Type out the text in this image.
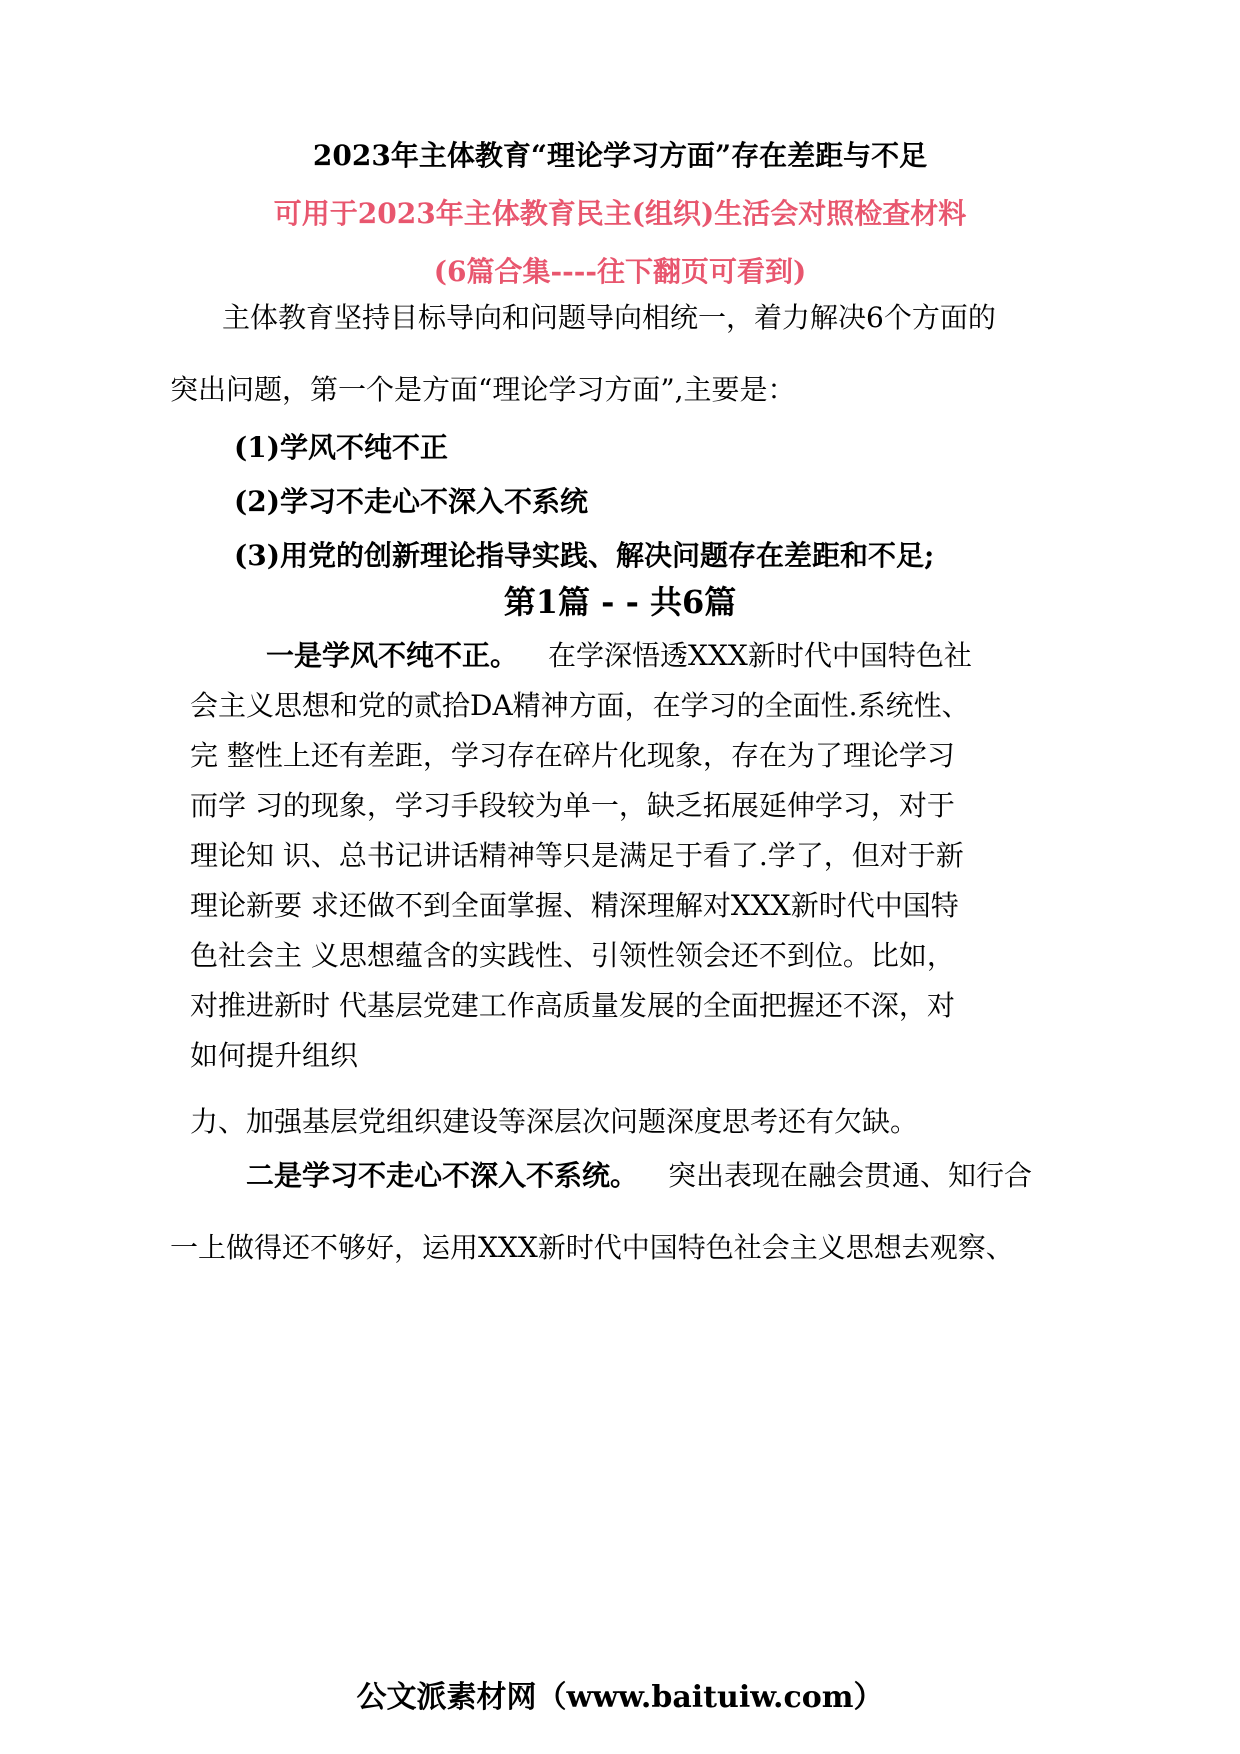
2023年主体教育“理论学习方面”存在差距与不足
可用于2023年主体教育民主(组织)生活会对照检查材料
(6篇合集----往下翻页可看到)
主体教育坚持目标导向和问题导向相统一，着力解决6个方面的
突出问题，第一个是方面“理论学习方面”,主要是：
(1)学风不纯不正
(2)学习不走心不深入不系统
(3)用党的创新理论指导实践、解决问题存在差距和不足;
第1篇 - - 共6篇
一是学风不纯不正。 在学深悟透XXX新时代中国特色社
会主义思想和党的贰拾DA精神方面，在学习的全面性.系统性、
完 整性上还有差距，学习存在碎片化现象，存在为了理论学习
而学 习的现象，学习手段较为单一，缺乏拓展延伸学习，对于
理论知 识、总书记讲话精神等只是满足于看了.学了，但对于新
理论新要 求还做不到全面掌握、精深理解对XXX新时代中国特
色社会主 义思想蕴含的实践性、引领性领会还不到位。比如，
对推进新时 代基层党建工作高质量发展的全面把握还不深，对
如何提升组织
力、加强基层党组织建设等深层次问题深度思考还有欠缺。
二是学习不走心不深入不系统。 突出表现在融会贯通、知行合
一上做得还不够好，运用XXX新时代中国特色社会主义思想去观察、
公文派素材网（www.baituiw.com）
